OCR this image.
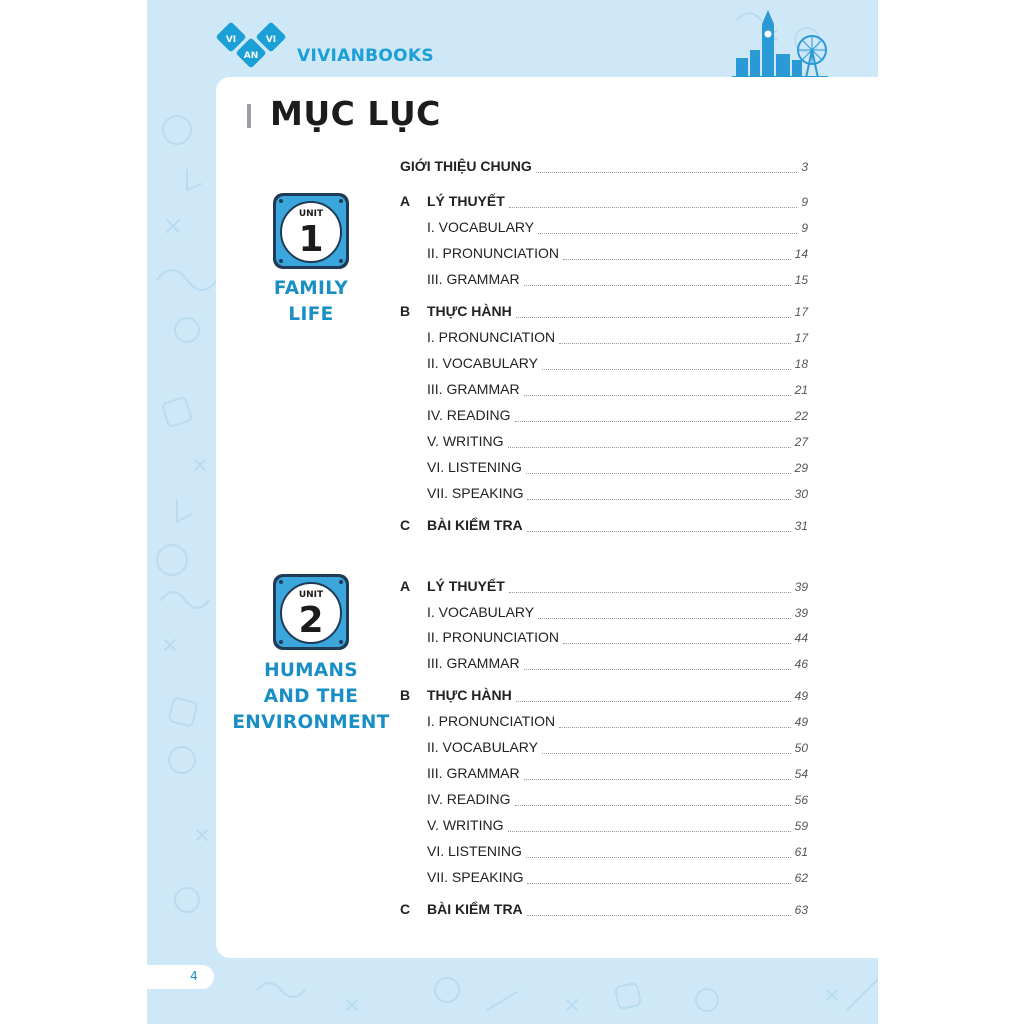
VI
AN
VI
VIVIANBOOKS
MỤC LỤC
UNIT
1
FAMILY
LIFE
UNIT
2
HUMANS
AND THE
ENVIRONMENT
GIỚI THIỆU CHUNG	3
A	LÝ THUYẾT	9
I. VOCABULARY	9
II. PRONUNCIATION	14
III. GRAMMAR	15
B	THỰC HÀNH	17
I. PRONUNCIATION	17
II. VOCABULARY	18
III. GRAMMAR	21
IV. READING	22
V. WRITING	27
VI. LISTENING	29
VII. SPEAKING	30
C	BÀI KIỂM TRA	31
A	LÝ THUYẾT	39
I. VOCABULARY	39
II. PRONUNCIATION	44
III. GRAMMAR	46
B	THỰC HÀNH	49
I. PRONUNCIATION	49
II. VOCABULARY	50
III. GRAMMAR	54
IV. READING	56
V. WRITING	59
VI. LISTENING	61
VII. SPEAKING	62
C	BÀI KIỂM TRA	63
4
